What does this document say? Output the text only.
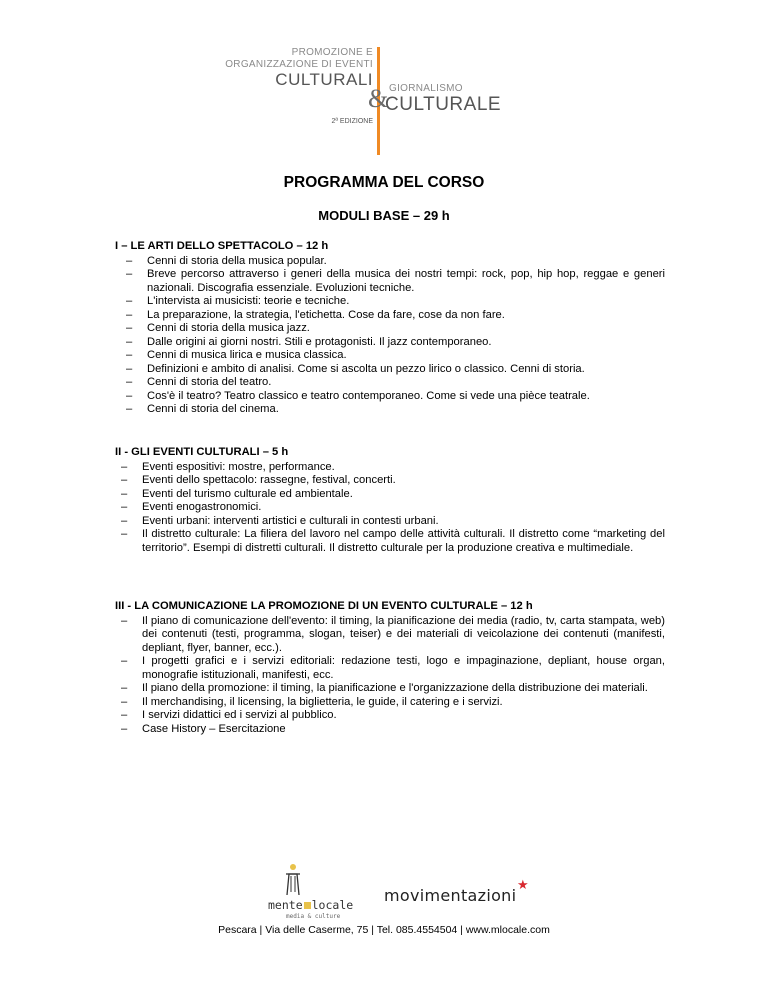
PROMOZIONE E
ORGANIZZAZIONE DI EVENTI
CULTURALI
& GIORNALISMO
CULTURALE
2ª EDIZIONE
PROGRAMMA DEL CORSO
MODULI BASE – 29 h
I – LE ARTI DELLO SPETTACOLO – 12 h
– Cenni di storia della musica popular.
– Breve percorso attraverso i generi della musica dei nostri tempi: rock, pop, hip hop, reggae e generi nazionali. Discografia essenziale. Evoluzioni tecniche.
– L'intervista ai musicisti: teorie e tecniche.
– La preparazione, la strategia, l'etichetta. Cose da fare, cose da non fare.
– Cenni di storia della musica jazz.
– Dalle origini ai giorni nostri. Stili e protagonisti. Il jazz contemporaneo.
– Cenni di musica lirica e musica classica.
– Definizioni e ambito di analisi. Come si ascolta un pezzo lirico o classico. Cenni di storia.
– Cenni di storia del teatro.
– Cos'è il teatro? Teatro classico e teatro contemporaneo. Come si vede una pièce teatrale.
– Cenni di storia del cinema.
II - GLI EVENTI CULTURALI – 5 h
– Eventi espositivi: mostre, performance.
– Eventi dello spettacolo: rassegne, festival, concerti.
– Eventi del turismo culturale ed ambientale.
– Eventi enogastronomici.
– Eventi urbani: interventi artistici e culturali in contesti urbani.
– Il distretto culturale: La filiera del lavoro nel campo delle attività culturali. Il distretto come “marketing del territorio”. Esempi di distretti culturali. Il distretto culturale per la produzione creativa e multimediale.
III - LA COMUNICAZIONE LA PROMOZIONE DI UN EVENTO CULTURALE – 12 h
– Il piano di comunicazione dell'evento: il timing, la pianificazione dei media (radio, tv, carta stampata, web) dei contenuti (testi, programma, slogan, teiser) e dei materiali di veicolazione dei contenuti (manifesti, depliant, flyer, banner, ecc.).
– I progetti grafici e i servizi editoriali: redazione testi, logo e impaginazione, depliant, house organ, monografie istituzionali, manifesti, ecc.
– Il piano della promozione: il timing, la pianificazione e l'organizzazione della distribuzione dei materiali.
– Il merchandising, il licensing, la biglietteria, le guide, il catering e i servizi.
– I servizi didattici ed i servizi al pubblico.
– Case History – Esercitazione
mente locale
media & culture
movimentazioni
★
Pescara | Via delle Caserme, 75 | Tel. 085.4554504 | www.mlocale.com
